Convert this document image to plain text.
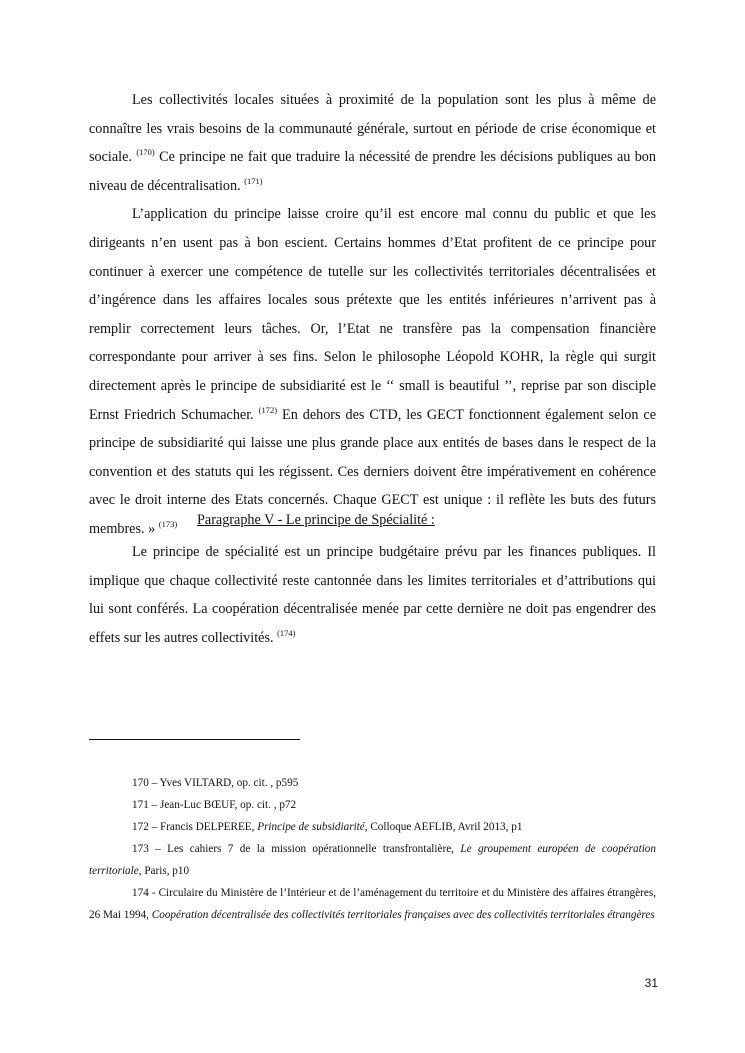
Les collectivités locales situées à proximité de la population sont les plus à même de connaître les vrais besoins de la communauté générale, surtout en période de crise économique et sociale. $^{(170)}$ Ce principe ne fait que traduire la nécessité de prendre les décisions publiques au bon niveau de décentralisation. $^{(171)}$

L’application du principe laisse croire qu’il est encore mal connu du public et que les dirigeants n’en usent pas à bon escient. Certains hommes d’Etat profitent de ce principe pour continuer à exercer une compétence de tutelle sur les collectivités territoriales décentralisées et d’ingérence dans les affaires locales sous prétexte que les entités inférieures n’arrivent pas à remplir correctement leurs tâches. Or, l’Etat ne transfère pas la compensation financière correspondante pour arriver à ses fins. Selon le philosophe Léopold KOHR, la règle qui surgit directement après le principe de subsidiarité est le ‘‘ small is beautiful ’’, reprise par son disciple Ernst Friedrich Schumacher. $^{(172)}$ En dehors des CTD, les GECT fonctionnent également selon ce principe de subsidiarité qui laisse une plus grande place aux entités de bases dans le respect de la convention et des statuts qui les régissent. Ces derniers doivent être impérativement en cohérence avec le droit interne des Etats concernés. Chaque GECT est unique : il reflète les buts des futurs membres. » $^{(173)}$	Paragraphe V - Le principe de Spécialité :

Le principe de spécialité est un principe budgétaire prévu par les finances publiques. Il implique que chaque collectivité reste cantonnée dans les limites territoriales et d’attributions qui lui sont conférés. La coopération décentralisée menée par cette dernière ne doit pas engendrer des effets sur les autres collectivités. $^{(174)}$

170 – Yves VILTARD, op. cit. , p595

171 – Jean-Luc BŒUF, op. cit. , p72

172 – Francis DELPEREE, Principe de subsidiarité, Colloque AEFLIB, Avril 2013, p1

173 – Les cahiers 7 de la mission opérationnelle transfrontalière, Le groupement européen de coopération territoriale, Paris, p10

174 - Circulaire du Ministère de l’Intérieur et de l’aménagement du territoire et du Ministère des affaires étrangères, 26 Mai 1994, Coopération décentralisée des collectivités territoriales françaises avec des collectivités territoriales étrangères

31
